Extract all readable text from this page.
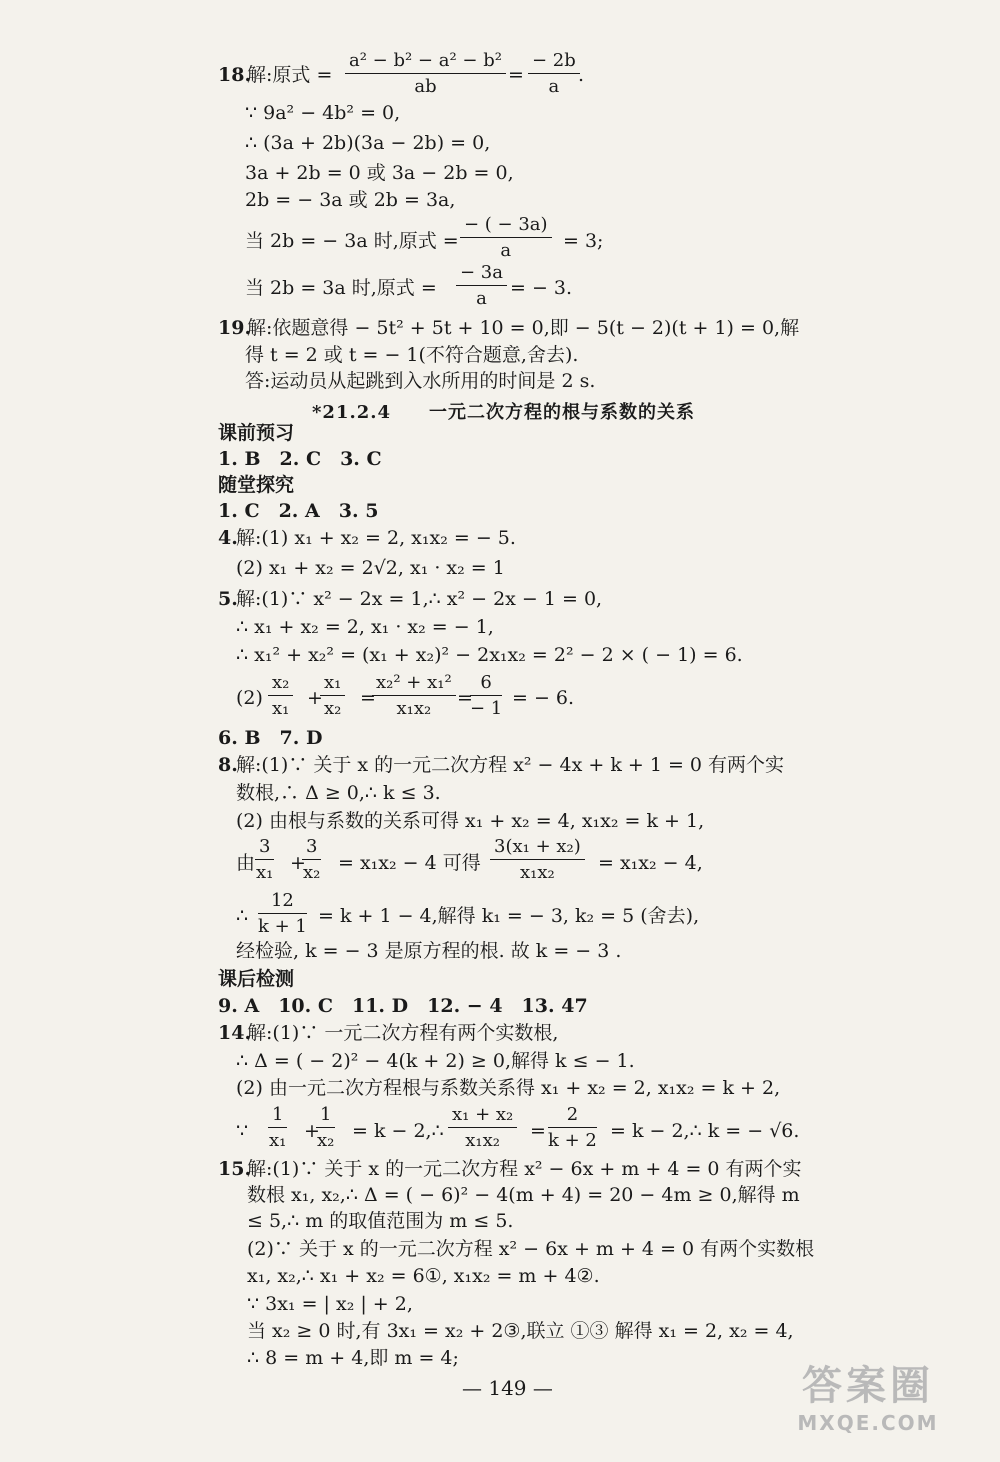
18.
解:原式 = $\frac{\text{a² − b² − a² − b²}}{ab} = \frac{- 2b}{a}$
.
∵ 9a² − 4b² = 0,
∴ (3a + 2b)(3a − 2b) = 0,
3a + 2b = 0 或 3a − 2b = 0,
2b = − 3a 或 2b = 3a,
当 2b = − 3a 时,原式 = $\frac{- ( - 3a)}{a} = 3$;
当 2b = 3a 时,原式 = $\frac{- 3a}{a}$ = − 3.
19.
解:依题意得 − 5t² + 5t + 10 = 0,即 − 5(t − 2)(t + 1) = 0,解
得 t = 2 或 t = − 1(不符合题意,舍去).
答:运动员从起跳到入水所用的时间是 2 s.
*21.2.4　　一元二次方程的根与系数的关系
课前预习
1. B　2. C　3. C
随堂探究
1. C　2. A　3. 5
4.
解:(1) x₁ + x₂ = 2, x₁x₂ = − 5.
(2) x₁ + x₂ = 2√2, x₁ · x₂ = 1
5.
解:(1)∵ x² − 2x = 1,∴ x² − 2x − 1 = 0,
∴ x₁ + x₂ = 2, x₁ · x₂ = − 1,
∴ x₁² + x₂² = (x₁ + x₂)² − 2x₁x₂ = 2² − 2 × ( − 1) = 6.
$(2) \frac{\text{x₂}}{\text{x₁}}$ +
$\frac{\text{x₁}}{\text{x₂}}$ =
$\frac{\text{x₂² + x₁²}}{\text{x₁x₂}}$ =
$\frac{6}{- 1}$ = − 6.
6. B　7. D
8.
解:(1)∵ 关于 x 的一元二次方程 x² − 4x + k + 1 = 0 有两个实
数根,∴ Δ ≥ 0,∴ k ≤ 3.
(2) 由根与系数的关系可得 x₁ + x₂ = 4, x₁x₂ = k + 1,
由 $\frac{3}{\text{x₁}}$ +
$\frac{3}{\text{x₂}} = x_1x_2 - 4$ 可得 $\frac{\text{3(x₁ + x₂)}}{\text{x₁x₂}} = x_1x_2 - 4$,
∴ $\frac{12}{k + 1} = k + 1 - 4$,解得 k₁ = − 3, k₂ = 5 (舍去),
经检验, k = − 3 是原方程的根. 故 k = − 3 .
课后检测
9. A　10. C　11. D　12. − 4　13. 47
14.
解:(1)∵ 一元二次方程有两个实数根,
∴ Δ = ( − 2)² − 4(k + 2) ≥ 0,解得 k ≤ − 1.
(2) 由一元二次方程根与系数关系得 x₁ + x₂ = 2, x₁x₂ = k + 2,
∵ $\frac{1}{\text{x₁}}$ +
$\frac{1}{\text{x₂}} = k$ − 2,∴ $\frac{\text{x₁ + x₂}}{\text{x₁x₂}} = \frac{2}{k + 2} = k$ − 2,∴ k = − √6.
15.
解:(1)∵ 关于 x 的一元二次方程 x² − 6x + m + 4 = 0 有两个实
数根 x₁, x₂,∴ Δ = ( − 6)² − 4(m + 4) = 20 − 4m ≥ 0,解得 m
≤ 5,∴ m 的取值范围为 m ≤ 5.
(2)∵ 关于 x 的一元二次方程 x² − 6x + m + 4 = 0 有两个实数根
x₁, x₂,∴ x₁ + x₂ = 6①, x₁x₂ = m + 4②.
∵ 3x₁ = | x₂ | + 2,
当 x₂ ≥ 0 时,有 3x₁ = x₂ + 2③,联立 ①③ 解得 x₁ = 2, x₂ = 4,
∴ 8 = m + 4,即 m = 4;
— 149 —	答案圈
MXQE.COM
